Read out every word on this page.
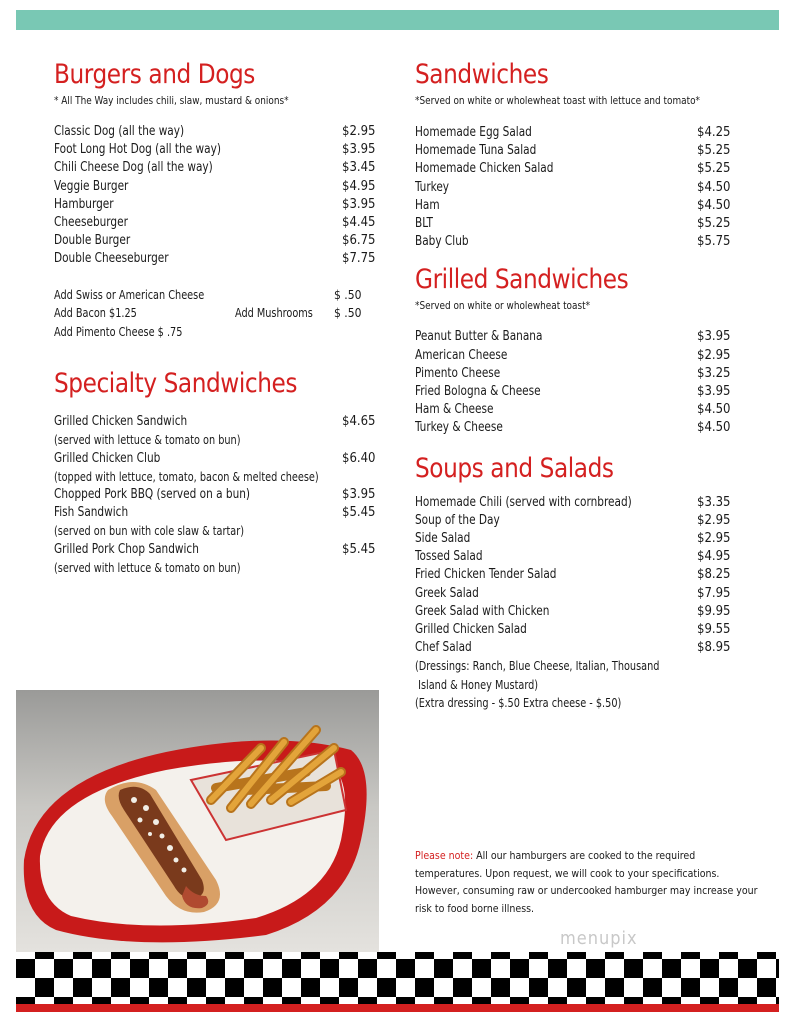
Burgers and Dogs
* All The Way includes chili, slaw, mustard & onions*
Classic Dog (all the way)	$2.95
Foot Long Hot Dog (all the way)	$3.95
Chili Cheese Dog (all the way)	$3.45
Veggie Burger	$4.95
Hamburger	$3.95
Cheeseburger	$4.45
Double Burger	$6.75
Double Cheeseburger	$7.75
Add Swiss or American Cheese	$ .50
Add Bacon $1.25	Add Mushrooms $ .50
Add Pimento Cheese $ .75
Specialty Sandwiches
Grilled Chicken Sandwich	$4.65
(served with lettuce & tomato on bun)
Grilled Chicken Club	$6.40
(topped with lettuce, tomato, bacon & melted cheese)
Chopped Pork BBQ (served on a bun)	$3.95
Fish Sandwich	$5.45
(served on bun with cole slaw & tartar)
Grilled Pork Chop Sandwich	$5.45
(served with lettuce & tomato on bun)
Sandwiches
*Served on white or wholewheat toast with lettuce and tomato*
Homemade Egg Salad	$4.25
Homemade Tuna Salad	$5.25
Homemade Chicken Salad	$5.25
Turkey	$4.50
Ham	$4.50
BLT	$5.25
Baby Club	$5.75
Grilled Sandwiches
*Served on white or wholewheat toast*
Peanut Butter & Banana	$3.95
American Cheese	$2.95
Pimento Cheese	$3.25
Fried Bologna & Cheese	$3.95
Ham & Cheese	$4.50
Turkey & Cheese	$4.50
Soups and Salads
Homemade Chili (served with cornbread)	$3.35
Soup of the Day	$2.95
Side Salad	$2.95
Tossed Salad	$4.95
Fried Chicken Tender Salad	$8.25
Greek Salad	$7.95
Greek Salad with Chicken	$9.95
Grilled Chicken Salad	$9.55
Chef Salad	$8.95
(Dressings: Ranch, Blue Cheese, Italian, Thousand
Island & Honey Mustard)
(Extra dressing - $.50 Extra cheese - $.50)
Please note: All our hamburgers are cooked to the required temperatures. Upon request, we will cook to your specifications. However, consuming raw or undercooked hamburger may increase your risk to food borne illness.
menupix
